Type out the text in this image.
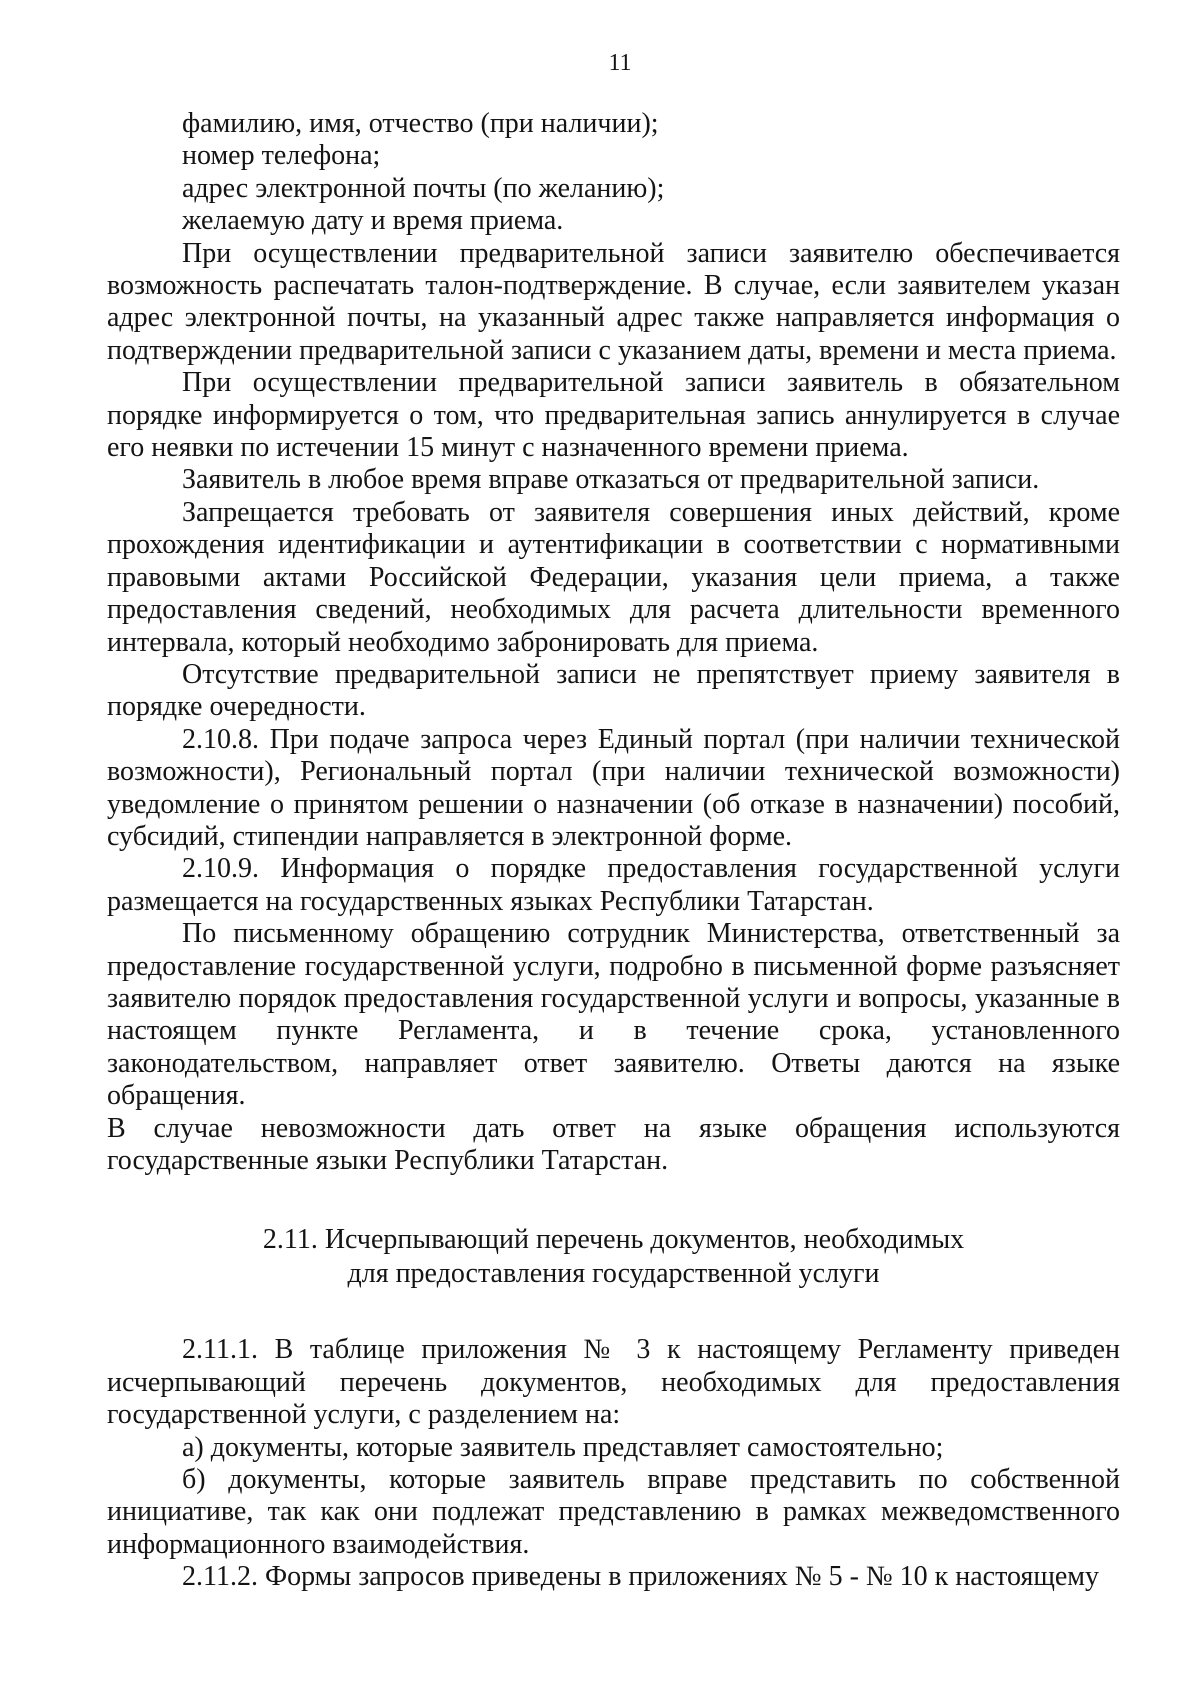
11

фамилию, имя, отчество (при наличии);

номер телефона;

адрес электронной почты (по желанию);

желаемую дату и время приема.

При осуществлении предварительной записи заявителю обеспечивается возможность распечатать талон-подтверждение. В случае, если заявителем указан адрес электронной почты, на указанный адрес также направляется информация о подтверждении предварительной записи с указанием даты, времени и места приема.

При осуществлении предварительной записи заявитель в обязательном порядке информируется о том, что предварительная запись аннулируется в случае его неявки по истечении 15 минут с назначенного времени приема.

Заявитель в любое время вправе отказаться от предварительной записи.

Запрещается требовать от заявителя совершения иных действий, кроме прохождения идентификации и аутентификации в соответствии с нормативными правовыми актами Российской Федерации, указания цели приема, а также предоставления сведений, необходимых для расчета длительности временного интервала, который необходимо забронировать для приема.

Отсутствие предварительной записи не препятствует приему заявителя в порядке очередности.

2.10.8. При подаче запроса через Единый портал (при наличии технической возможности), Региональный портал (при наличии технической возможности) уведомление о принятом решении о назначении (об отказе в назначении) пособий, субсидий, стипендии направляется в электронной форме.

2.10.9. Информация о порядке предоставления государственной услуги размещается на государственных языках Республики Татарстан.

По письменному обращению сотрудник Министерства, ответственный за предоставление государственной услуги, подробно в письменной форме разъясняет заявителю порядок предоставления государственной услуги и вопросы, указанные в настоящем пункте Регламента, и в течение срока, установленного законодательством, направляет ответ заявителю. Ответы даются на языке обращения.

В случае невозможности дать ответ на языке обращения используются государственные языки Республики Татарстан.

2.11. Исчерпывающий перечень документов, необходимых
для предоставления государственной услуги

2.11.1. В таблице приложения № 3 к настоящему Регламенту приведен исчерпывающий перечень документов, необходимых для предоставления государственной услуги, с разделением на:

а) документы, которые заявитель представляет самостоятельно;

б) документы, которые заявитель вправе представить по собственной инициативе, так как они подлежат представлению в рамках межведомственного информационного взаимодействия.

2.11.2. Формы запросов приведены в приложениях № 5 - № 10 к настоящему
